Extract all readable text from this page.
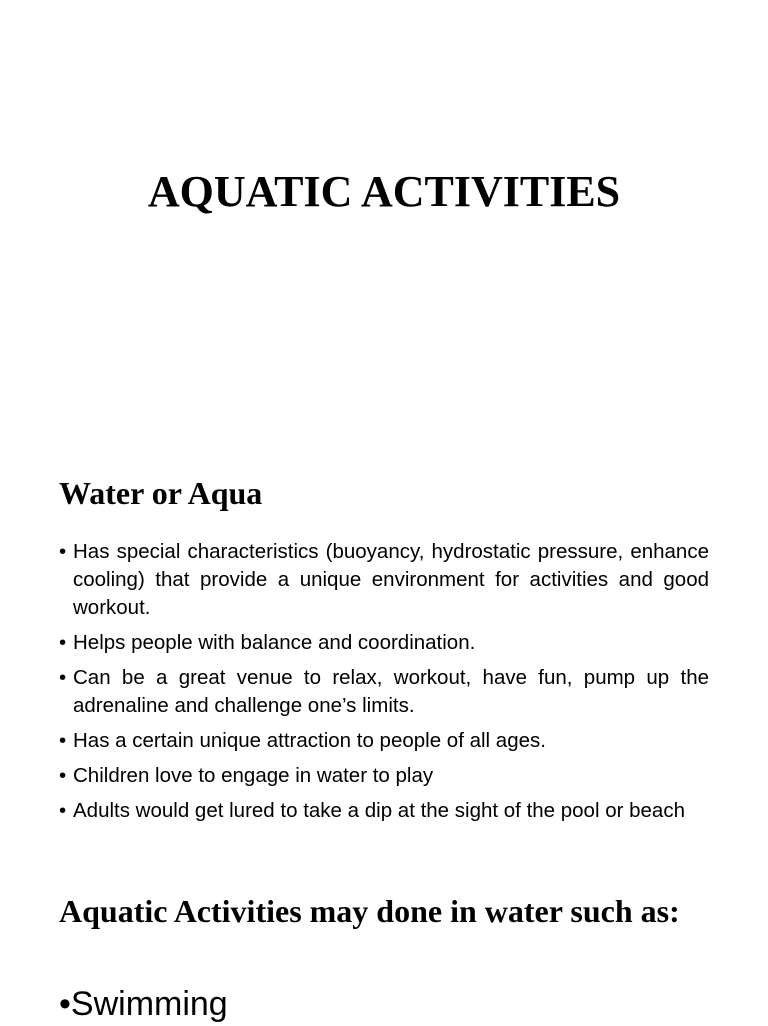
AQUATIC ACTIVITIES
Water or Aqua
• Has special characteristics (buoyancy, hydrostatic pressure, enhance cooling) that provide a unique environment for activities and good workout.
• Helps people with balance and coordination.
• Can be a great venue to relax, workout, have fun, pump up the adrenaline and challenge one’s limits.
• Has a certain unique attraction to people of all ages.
• Children love to engage in water to play
• Adults would get lured to take a dip at the sight of the pool or beach
Aquatic Activities may done in water such as:
•Swimming
